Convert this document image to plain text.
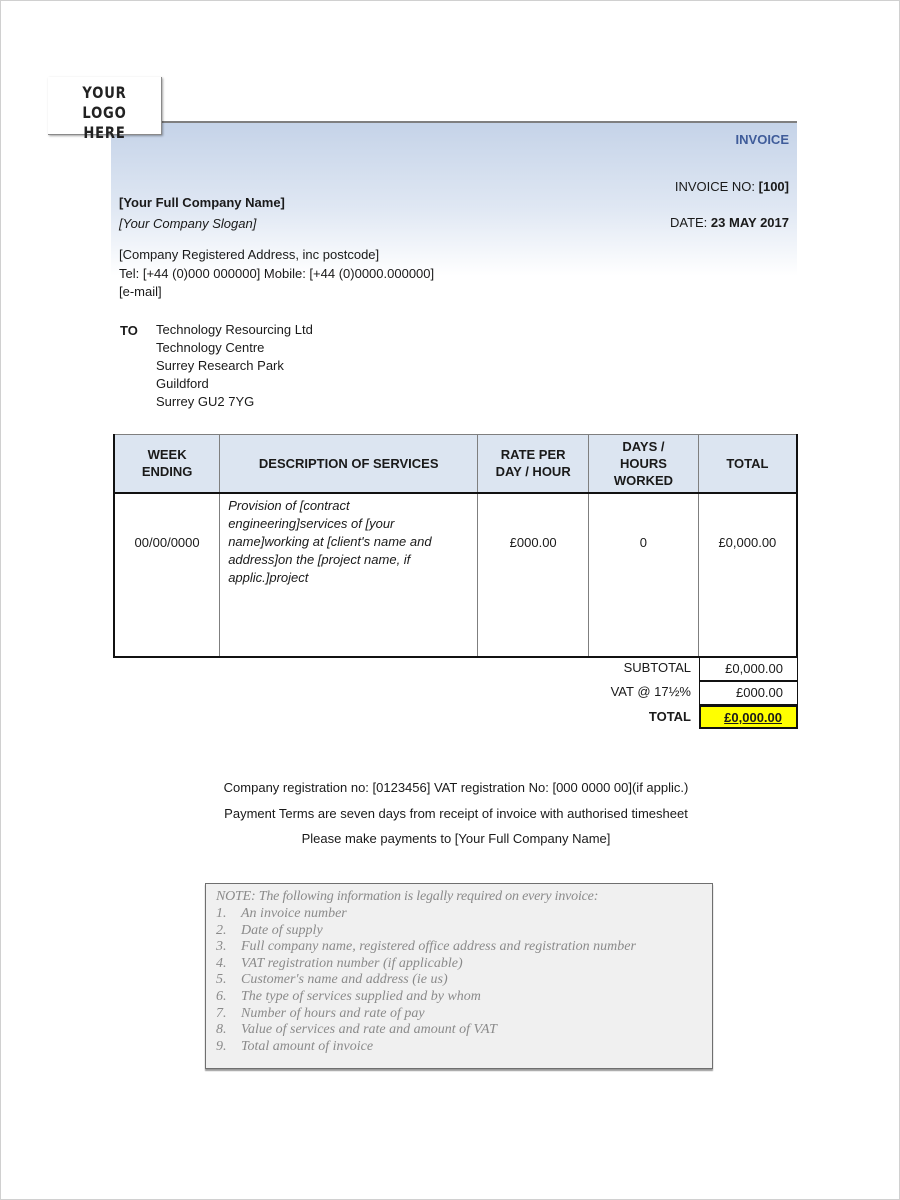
YOUR LOGO
HERE	INVOICE
INVOICE NO: [100]
DATE: 23 MAY 2017
[Your Full Company Name]
[Your Company Slogan]
[Company Registered Address, inc postcode]
Tel: [+44 (0)000 000000] Mobile: [+44 (0)0000.000000]
[e-mail]
TO Technology Resourcing Ltd
Technology Centre
Surrey Research Park
Guildford
Surrey GU2 7YG
WEEK ENDING	DESCRIPTION OF SERVICES	RATE PER DAY / HOUR	DAYS / HOURS WORKED	TOTAL
00/00/0000	Provision of [contract engineering]services of [your name]working at [client's name and address]on the [project name, if applic.]project	£000.00	0	£0,000.00
SUBTOTAL	£0,000.00
VAT @ 17½%	£000.00
TOTAL	£0,000.00
Company registration no: [0123456] VAT registration No: [000 0000 00](if applic.)
Payment Terms are seven days from receipt of invoice with authorised timesheet
Please make payments to [Your Full Company Name]
NOTE: The following information is legally required on every invoice:
1.	An invoice number
2.	Date of supply
3.	Full company name, registered office address and registration number
4.	VAT registration number (if applicable)
5.	Customer's name and address (ie us)
6.	The type of services supplied and by whom
7.	Number of hours and rate of pay
8.	Value of services and rate and amount of VAT
9.	Total amount of invoice
